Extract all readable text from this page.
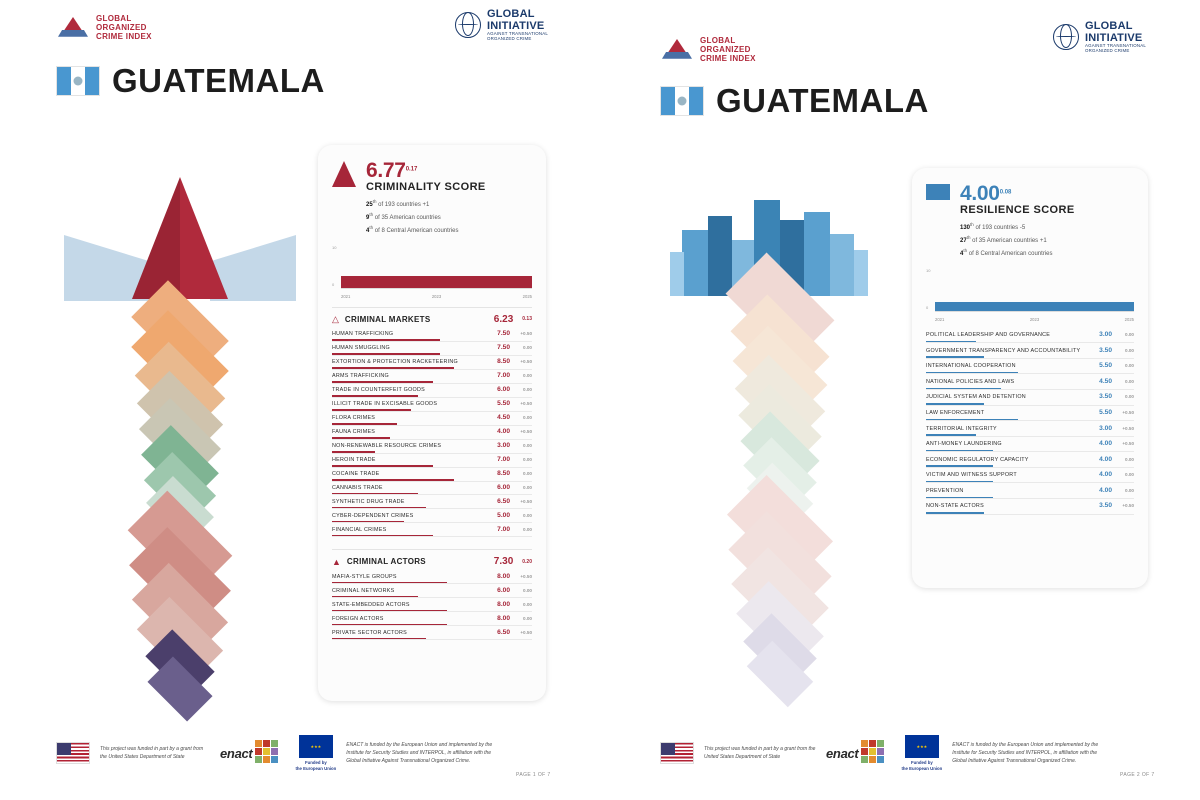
GLOBAL
ORGANIZED
CRIME INDEX
GLOBAL
INITIATIVE
AGAINST TRANSNATIONAL
ORGANIZED CRIME
GUATEMALA
$6.77^{0.17}$
CRIMINALITY SCORE
25th of 193 countries +1
9th of 35 American countries
4th of 8 Central American countries
10
0
2021	2023	2025
△ CRIMINAL MARKETS	6.23 0.13
HUMAN TRAFFICKING	7.50	+0.50
HUMAN SMUGGLING	7.50	0.00
EXTORTION & PROTECTION RACKETEERING	8.50	+0.50
ARMS TRAFFICKING	7.00	0.00
TRADE IN COUNTERFEIT GOODS	6.00	0.00
ILLICIT TRADE IN EXCISABLE GOODS	5.50	+0.50
FLORA CRIMES	4.50	0.00
FAUNA CRIMES	4.00	+0.50
NON-RENEWABLE RESOURCE CRIMES	3.00	0.00
HEROIN TRADE	7.00	0.00
COCAINE TRADE	8.50	0.00
CANNABIS TRADE	6.00	0.00
SYNTHETIC DRUG TRADE	6.50	+0.50
CYBER-DEPENDENT CRIMES	5.00	0.00
FINANCIAL CRIMES	7.00	0.00
▲ CRIMINAL ACTORS	7.30 0.20
MAFIA-STYLE GROUPS	8.00	+0.50
CRIMINAL NETWORKS	6.00	0.00
STATE-EMBEDDED ACTORS	8.00	0.00
FOREIGN ACTORS	8.00	0.00
PRIVATE SECTOR ACTORS	6.50	+0.50
This project was funded in part by a grant from the United States Department of State	enact	★★★
Funded by
the European Union
ENACT is funded by the European Union and implemented by the Institute for Security Studies and INTERPOL, in affiliation with the Global Initiative Against Transnational Organized Crime.
PAGE 1 OF 7
GLOBAL
ORGANIZED
CRIME INDEX
GLOBAL
INITIATIVE
AGAINST TRANSNATIONAL
ORGANIZED CRIME
GUATEMALA
$4.00^{0.08}$
RESILIENCE SCORE
130th of 193 countries -5
27th of 35 American countries +1
4th of 8 Central American countries
10
0
2021	2023	2025
POLITICAL LEADERSHIP AND GOVERNANCE	3.00	0.00
GOVERNMENT TRANSPARENCY AND ACCOUNTABILITY	3.50	0.00
INTERNATIONAL COOPERATION	5.50	0.00
NATIONAL POLICIES AND LAWS	4.50	0.00
JUDICIAL SYSTEM AND DETENTION	3.50	0.00
LAW ENFORCEMENT	5.50	+0.50
TERRITORIAL INTEGRITY	3.00	+0.50
ANTI-MONEY LAUNDERING	4.00	+0.50
ECONOMIC REGULATORY CAPACITY	4.00	0.00
VICTIM AND WITNESS SUPPORT	4.00	0.00
PREVENTION	4.00	0.00
NON-STATE ACTORS	3.50	+0.50
This project was funded in part by a grant from the United States Department of State	enact	★★★
Funded by
the European Union
ENACT is funded by the European Union and implemented by the Institute for Security Studies and INTERPOL, in affiliation with the Global Initiative Against Transnational Organized Crime.
PAGE 2 OF 7
